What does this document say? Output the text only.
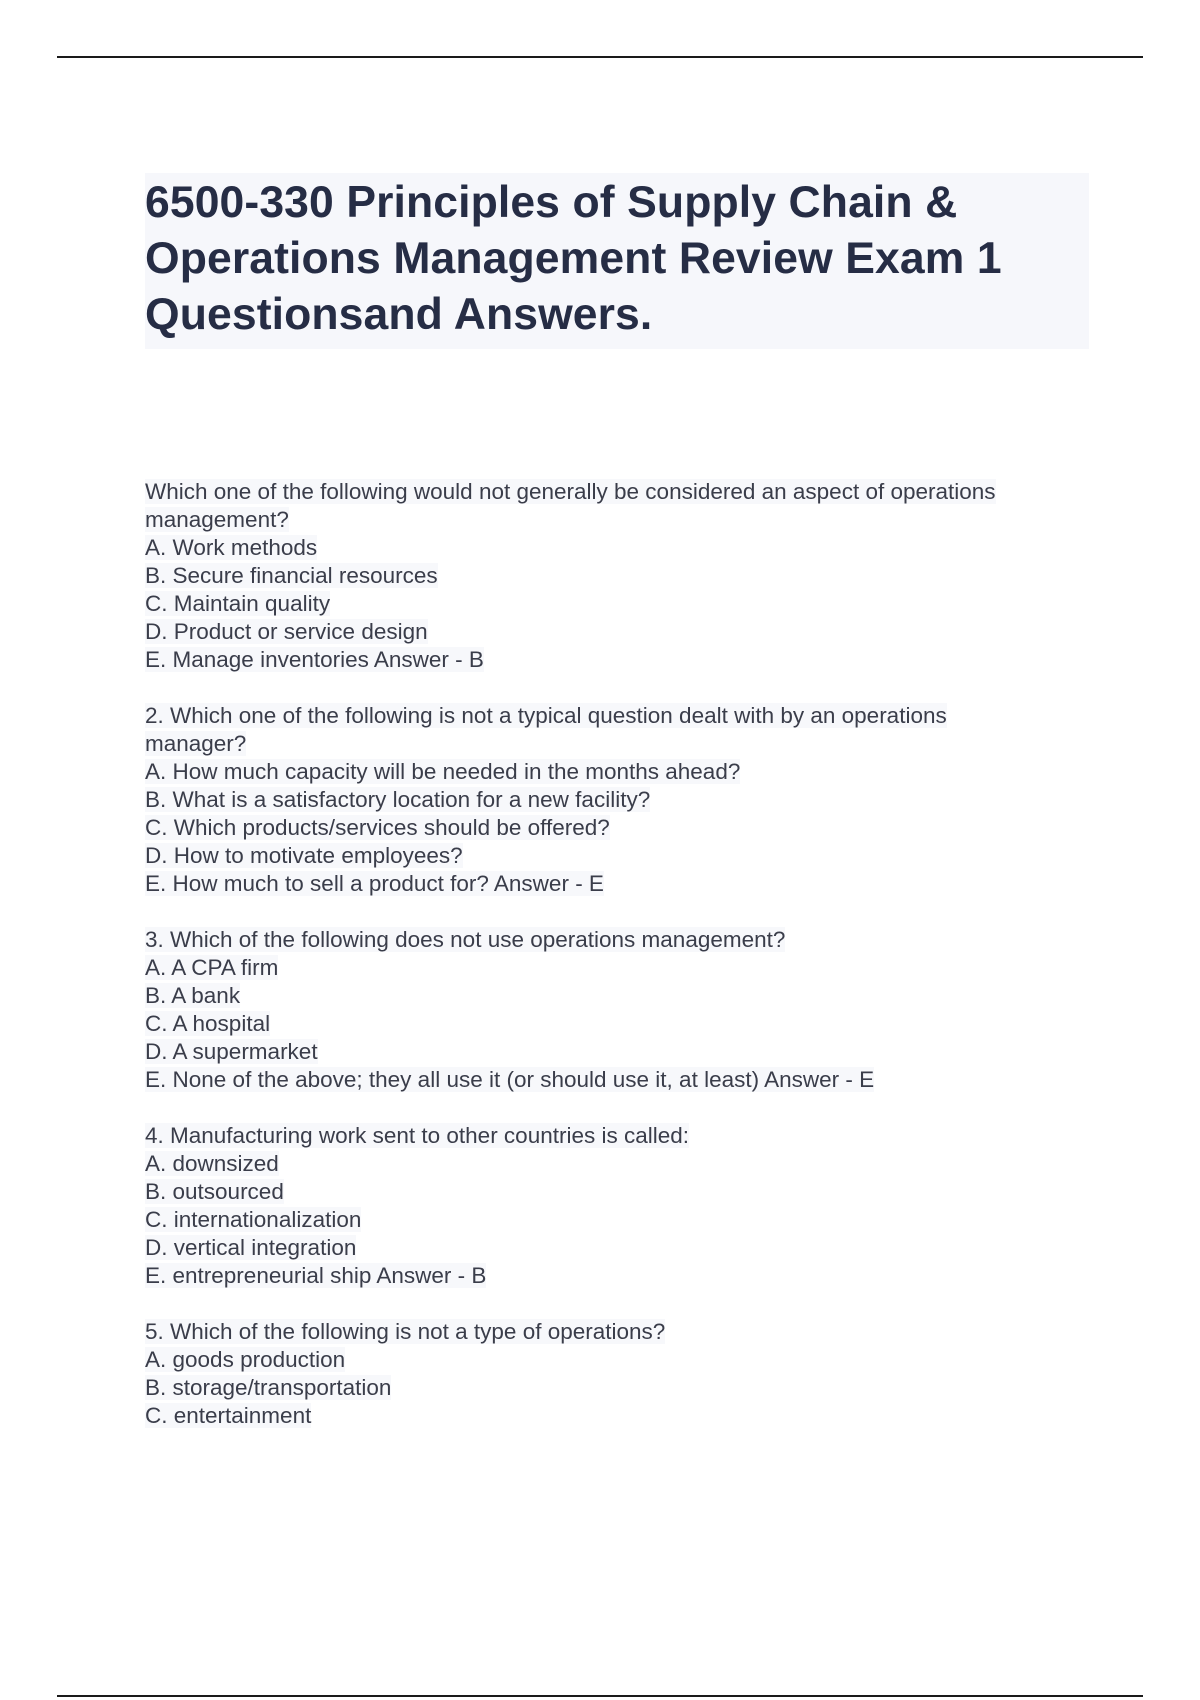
6500-330 Principles of Supply Chain & Operations Management Review Exam 1 Questionsand Answers.
Which one of the following would not generally be considered an aspect of operations
management?
A. Work methods
B. Secure financial resources
C. Maintain quality
D. Product or service design
E. Manage inventories Answer - B
2. Which one of the following is not a typical question dealt with by an operations
manager?
A. How much capacity will be needed in the months ahead?
B. What is a satisfactory location for a new facility?
C. Which products/services should be offered?
D. How to motivate employees?
E. How much to sell a product for? Answer - E
3. Which of the following does not use operations management?
A. A CPA firm
B. A bank
C. A hospital
D. A supermarket
E. None of the above; they all use it (or should use it, at least) Answer - E
4. Manufacturing work sent to other countries is called:
A. downsized
B. outsourced
C. internationalization
D. vertical integration
E. entrepreneurial ship Answer - B
5. Which of the following is not a type of operations?
A. goods production
B. storage/transportation
C. entertainment
